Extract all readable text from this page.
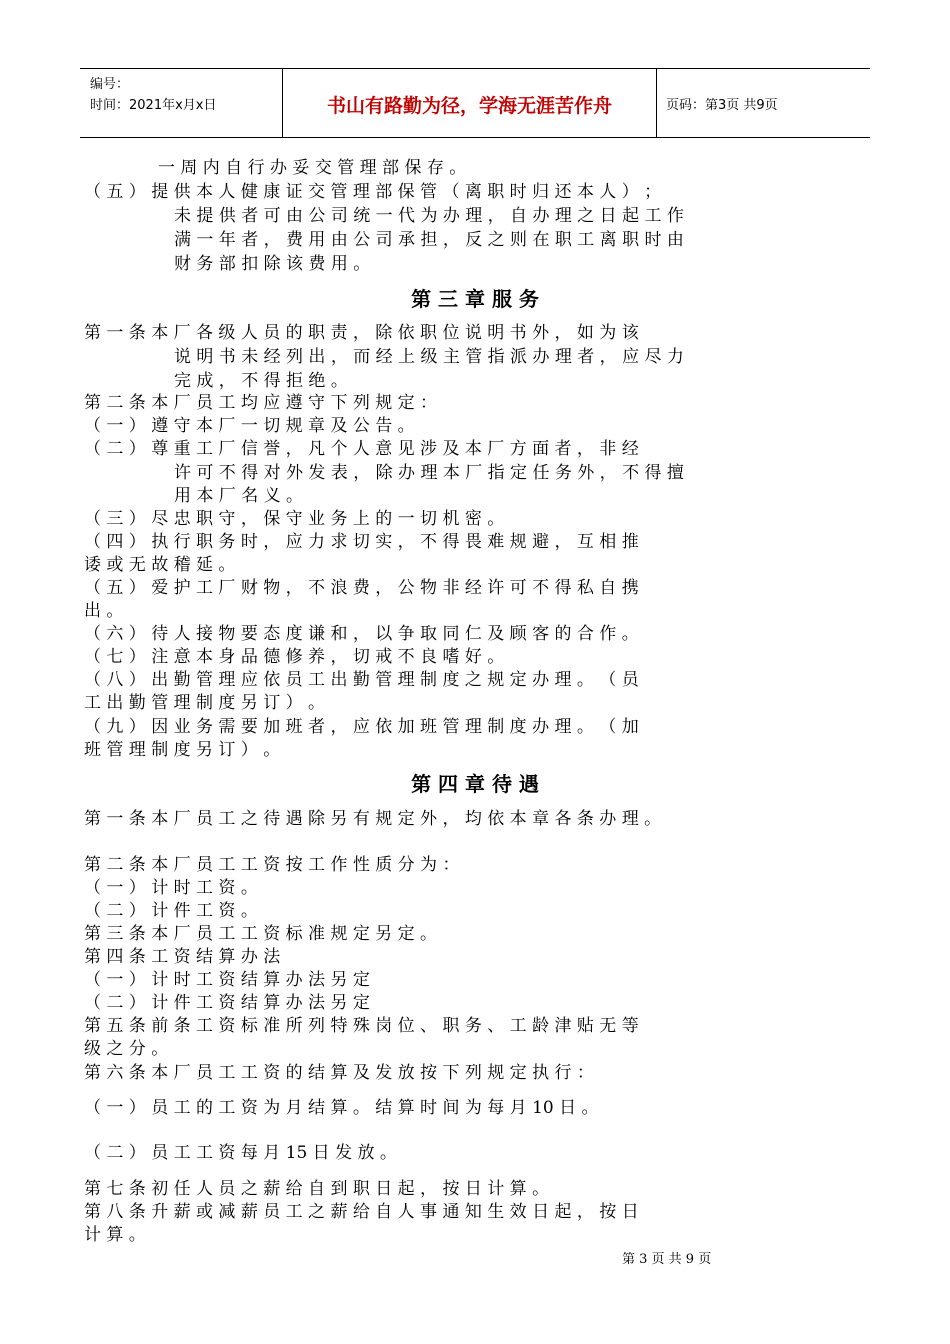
编号：
时间：2021年x月x日	书山有路勤为径，学海无涯苦作舟	页码：第3页 共9页
一 周 内 自 行 办 妥 交 管 理 部 保 存 。
（ 五 ） 提 供 本 人 健 康 证 交 管 理 部 保 管 （ 离 职 时 归 还 本 人 ） ；
未 提 供 者 可 由 公 司 统 一 代 为 办 理 ， 自 办 理 之 日 起 工 作
满 一 年 者 ， 费 用 由 公 司 承 担 ， 反 之 则 在 职 工 离 职 时 由
财 务 部 扣 除 该 费 用 。
第 三 章 服 务
第 一 条 本 厂 各 级 人 员 的 职 责 ， 除 依 职 位 说 明 书 外 ， 如 为 该
说 明 书 未 经 列 出 ， 而 经 上 级 主 管 指 派 办 理 者 ， 应 尽 力
完 成 ， 不 得 拒 绝 。
第 二 条 本 厂 员 工 均 应 遵 守 下 列 规 定 ：
（ 一 ） 遵 守 本 厂 一 切 规 章 及 公 告 。
（ 二 ） 尊 重 工 厂 信 誉 ， 凡 个 人 意 见 涉 及 本 厂 方 面 者 ， 非 经
许 可 不 得 对 外 发 表 ， 除 办 理 本 厂 指 定 任 务 外 ， 不 得 擅
用 本 厂 名 义 。
（ 三 ） 尽 忠 职 守 ， 保 守 业 务 上 的 一 切 机 密 。
（ 四 ） 执 行 职 务 时 ， 应 力 求 切 实 ， 不 得 畏 难 规 避 ， 互 相 推
诿 或 无 故 稽 延 。
（ 五 ） 爱 护 工 厂 财 物 ， 不 浪 费 ， 公 物 非 经 许 可 不 得 私 自 携
出 。
（ 六 ） 待 人 接 物 要 态 度 谦 和 ， 以 争 取 同 仁 及 顾 客 的 合 作 。
（ 七 ） 注 意 本 身 品 德 修 养 ， 切 戒 不 良 嗜 好 。
（ 八 ） 出 勤 管 理 应 依 员 工 出 勤 管 理 制 度 之 规 定 办 理 。 （ 员
工 出 勤 管 理 制 度 另 订 ） 。
（ 九 ） 因 业 务 需 要 加 班 者 ， 应 依 加 班 管 理 制 度 办 理 。 （ 加
班 管 理 制 度 另 订 ） 。
第 四 章 待 遇
第 一 条 本 厂 员 工 之 待 遇 除 另 有 规 定 外 ， 均 依 本 章 各 条 办 理 。
第 二 条 本 厂 员 工 工 资 按 工 作 性 质 分 为 ：
（ 一 ） 计 时 工 资 。
（ 二 ） 计 件 工 资 。
第 三 条 本 厂 员 工 工 资 标 准 规 定 另 定 。
第 四 条 工 资 结 算 办 法
（ 一 ） 计 时 工 资 结 算 办 法 另 定
（ 二 ） 计 件 工 资 结 算 办 法 另 定
第 五 条 前 条 工 资 标 准 所 列 特 殊 岗 位 、 职 务 、 工 龄 津 贴 无 等
级 之 分 。
第 六 条 本 厂 员 工 工 资 的 结 算 及 发 放 按 下 列 规 定 执 行 ：
（ 一 ） 员 工 的 工 资 为 月 结 算 。 结 算 时 间 为 每 月 10 日 。
（ 二 ） 员 工 工 资 每 月 15 日 发 放 。
第 七 条 初 任 人 员 之 薪 给 自 到 职 日 起 ， 按 日 计 算 。
第 八 条 升 薪 或 减 薪 员 工 之 薪 给 自 人 事 通 知 生 效 日 起 ， 按 日
计 算 。
第 3 页 共 9 页
